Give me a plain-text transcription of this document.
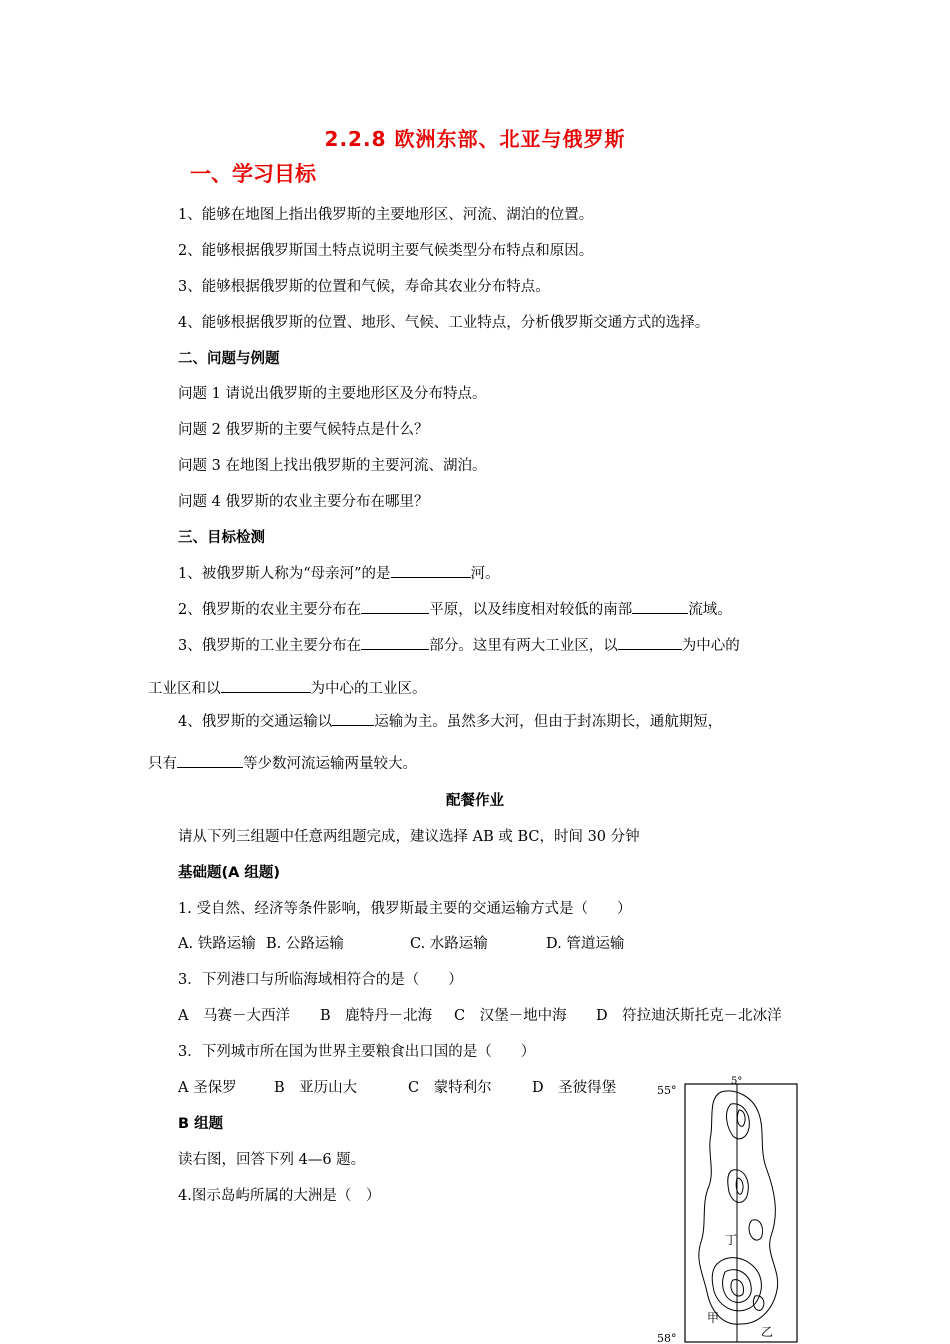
2.2.8 欧洲东部、北亚与俄罗斯
一、学习目标
1、能够在地图上指出俄罗斯的主要地形区、河流、湖泊的位置。
2、能够根据俄罗斯国土特点说明主要气候类型分布特点和原因。
3、能够根据俄罗斯的位置和气候，寿命其农业分布特点。
4、能够根据俄罗斯的位置、地形、气候、工业特点，分析俄罗斯交通方式的选择。
二、问题与例题
问题 1 请说出俄罗斯的主要地形区及分布特点。
问题 2 俄罗斯的主要气候特点是什么？
问题 3 在地图上找出俄罗斯的主要河流、湖泊。
问题 4 俄罗斯的农业主要分布在哪里？
三、目标检测
1、被俄罗斯人称为“母亲河”的是	河。
2、俄罗斯的农业主要分布在	平原，以及纬度相对较低的南部	流域。
3、俄罗斯的工业主要分布在	部分。这里有两大工业区，以	为中心的
工业区和以	为中心的工业区。
4、俄罗斯的交通运输以	运输为主。虽然多大河，但由于封冻期长，通航期短，
只有	等少数河流运输两量较大。
配餐作业
请从下列三组题中任意两组题完成，建议选择 AB 或 BC，时间 30 分钟
基础题(A 组题)
1. 受自然、经济等条件影响，俄罗斯最主要的交通运输方式是（　　）
A. 铁路运输 B. 公路运输	C. 水路运输	D. 管道运输
3．下列港口与所临海域相符合的是（　　）
A　马赛－大西洋 B　鹿特丹－北海 C　汉堡－地中海 D　符拉迪沃斯托克－北冰洋
3．下列城市所在国为世界主要粮食出口国的是（　　）
A 圣保罗	B　亚历山大	C　蒙特利尔	D　圣彼得堡
B 组题
读右图，回答下列 4—6 题。
4.图示岛屿所属的大洲是（　）
55°
5°
58°
丁
甲
乙
